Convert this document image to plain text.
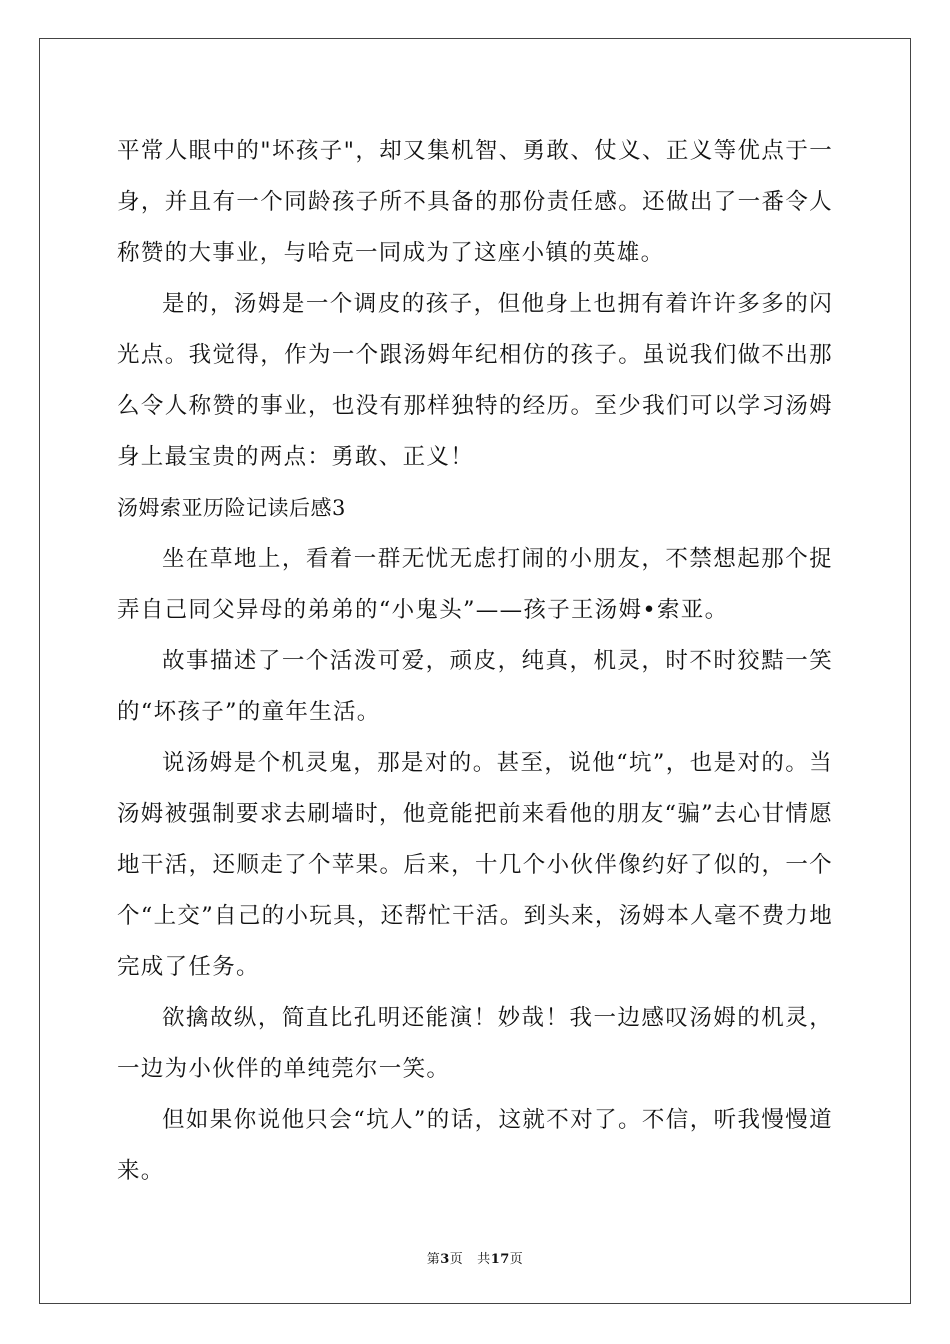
平常人眼中的"坏孩子"，却又集机智、勇敢、仗义、正义等优点于一身，并且有一个同龄孩子所不具备的那份责任感。还做出了一番令人称赞的大事业，与哈克一同成为了这座小镇的英雄。

是的，汤姆是一个调皮的孩子，但他身上也拥有着许许多多的闪光点。我觉得，作为一个跟汤姆年纪相仿的孩子。虽说我们做不出那么令人称赞的事业，也没有那样独特的经历。至少我们可以学习汤姆身上最宝贵的两点：勇敢、正义！

汤姆索亚历险记读后感3

坐在草地上，看着一群无忧无虑打闹的小朋友，不禁想起那个捉弄自己同父异母的弟弟的“小鬼头”——孩子王汤姆•索亚。

故事描述了一个活泼可爱，顽皮，纯真，机灵，时不时狡黠一笑的“坏孩子”的童年生活。

说汤姆是个机灵鬼，那是对的。甚至，说他“坑”，也是对的。当汤姆被强制要求去刷墙时，他竟能把前来看他的朋友“骗”去心甘情愿地干活，还顺走了个苹果。后来，十几个小伙伴像约好了似的，一个个“上交”自己的小玩具，还帮忙干活。到头来，汤姆本人毫不费力地完成了任务。

欲擒故纵，简直比孔明还能演！妙哉！我一边感叹汤姆的机灵，一边为小伙伴的单纯莞尔一笑。

但如果你说他只会“坑人”的话，这就不对了。不信，听我慢慢道来。

第3页 共17页
